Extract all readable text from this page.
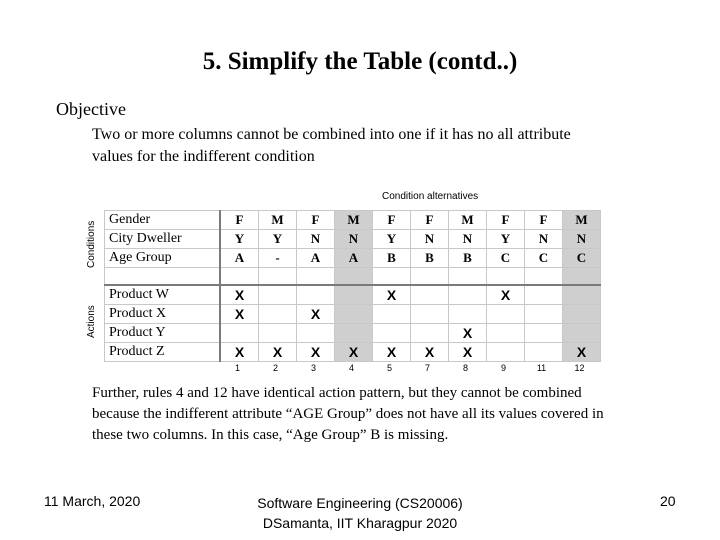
5. Simplify the Table (contd..)
Objective
Two or more columns cannot be combined into one if it has no all attribute
values for the indifferent condition
Condition alternatives
Conditions
Actions
Gender	F	M	F	M	F	F	M	F	F	M
City Dweller	Y	Y	N	N	Y	N	N	Y	N	N
Age Group	A	-	A	A	B	B	B	C	C	C

Product W	X				X			X		
Product X	X		X							
Product Y							X			
Product Z	X	X	X	X	X	X	X			X
1	2	3	4	5	7	8	9	11	12
Further, rules 4 and 12 have identical action pattern, but they cannot be combined
because the indifferent attribute “AGE Group” does not have all its values covered in
these two columns. In this case, “Age Group” B is missing.
11 March, 2020	Software Engineering (CS20006)
DSamanta, IIT Kharagpur 2020
20
